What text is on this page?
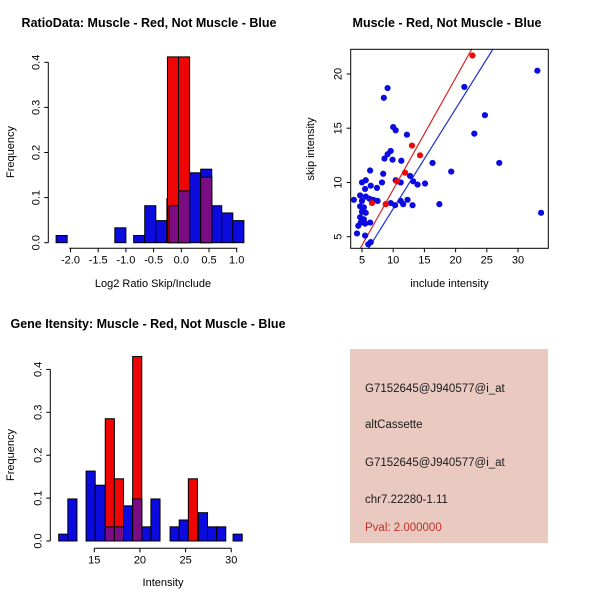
RatioData: Muscle - Red, Not Muscle - Blue
0.0
0.1
0.2
0.3
0.4
-2.0 -1.5 -1.0 -0.5 0.0 0.5 1.0
Log2 Ratio Skip/Include
Frequency
Muscle - Red, Not Muscle - Blue
5 10 15 20 25 30
5
10
15
20
include intensity
skip intensity
Gene Itensity: Muscle - Red, Not Muscle - Blue
0.0
0.1
0.2
0.3
0.4
15	20	25	30
Intensity
Frequency
G7152645@J940577@i_at
altCassette
G7152645@J940577@i_at
chr7.22280-1.11
Pval: 2.000000
